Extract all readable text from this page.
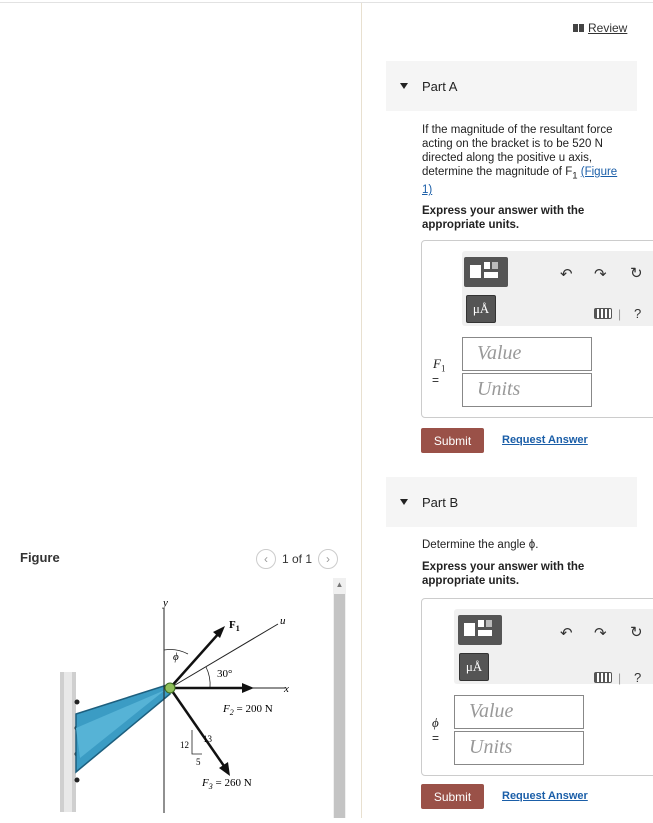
Figure	‹ 1 of 1 ›
y
x
u
$F_1$
ϕ
30°
$F_2 = 200$ N
$F_3 = 260$ N
12
13
5
▲
Review
Part A
If the magnitude of the resultant force
acting on the bracket is to be 520 N
directed along the positive u axis,
determine the magnitude of $F_1$ (Figure
1)
Express your answer with the appropriate units.
μÅ
↶ ↷ ↻
| ?
$F_1$
=
Value
Units
Submit	Request Answer
Part B
Determine the angle ϕ.
Express your answer with the appropriate units.
μÅ
↶ ↷ ↻
| ?
ϕ
=
Value
Units
Submit	Request Answer
